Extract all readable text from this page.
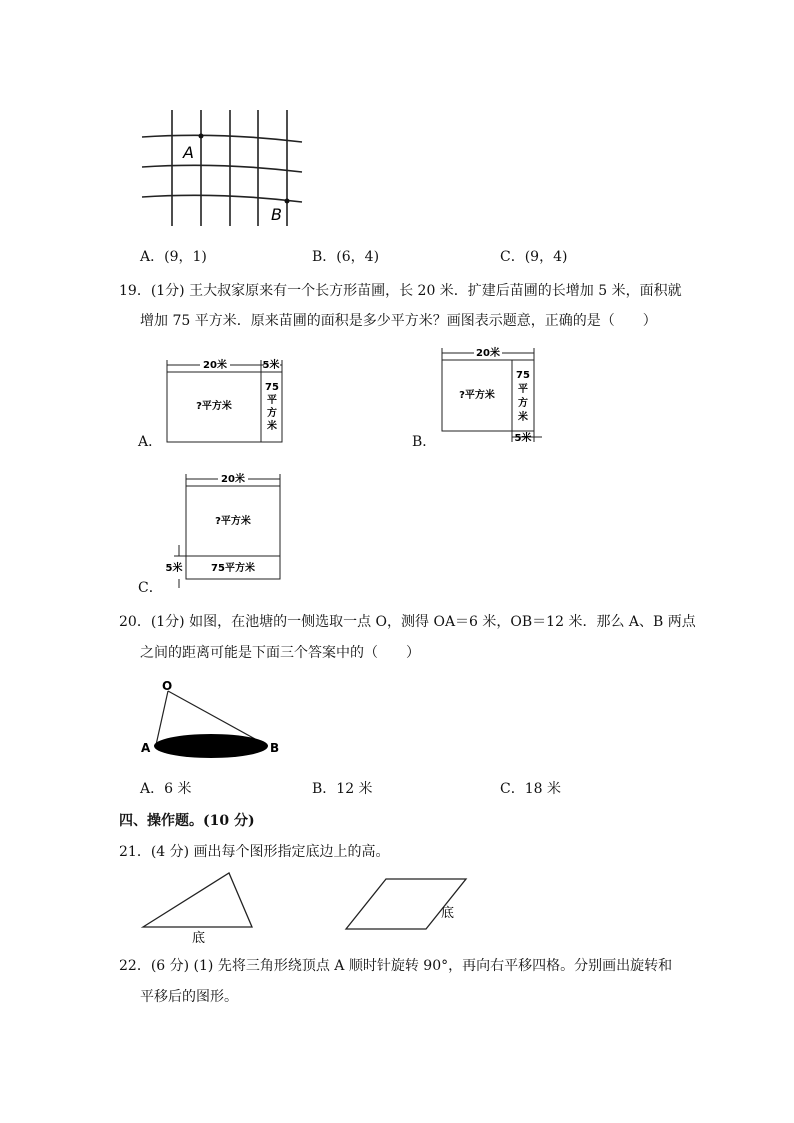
A
B
A．(9，1)	B．(6，4)	C．(9，4)
19．(1分) 王大叔家原来有一个长方形苗圃，长 20 米．扩建后苗圃的长增加 5 米，面积就
增加 75 平方米．原来苗圃的面积是多少平方米？画图表示题意，正确的是（　　）
20米	5米
?平方米
75
平
方
米
A．
20米
5米
?平方米
75
平
方
米
B．
20米
5米
?平方米
75平方米
C．
20．(1分) 如图，在池塘的一侧选取一点 O，测得 OA＝6 米，OB＝12 米．那么 A、B 两点
之间的距离可能是下面三个答案中的（　　）
O
A	B
A．6 米	B．12 米	C．18 米
四、操作题。(10 分)
21．(4 分) 画出每个图形指定底边上的高。
底
底
22．(6 分) (1) 先将三角形绕顶点 A 顺时针旋转 90°，再向右平移四格。分别画出旋转和
平移后的图形。
